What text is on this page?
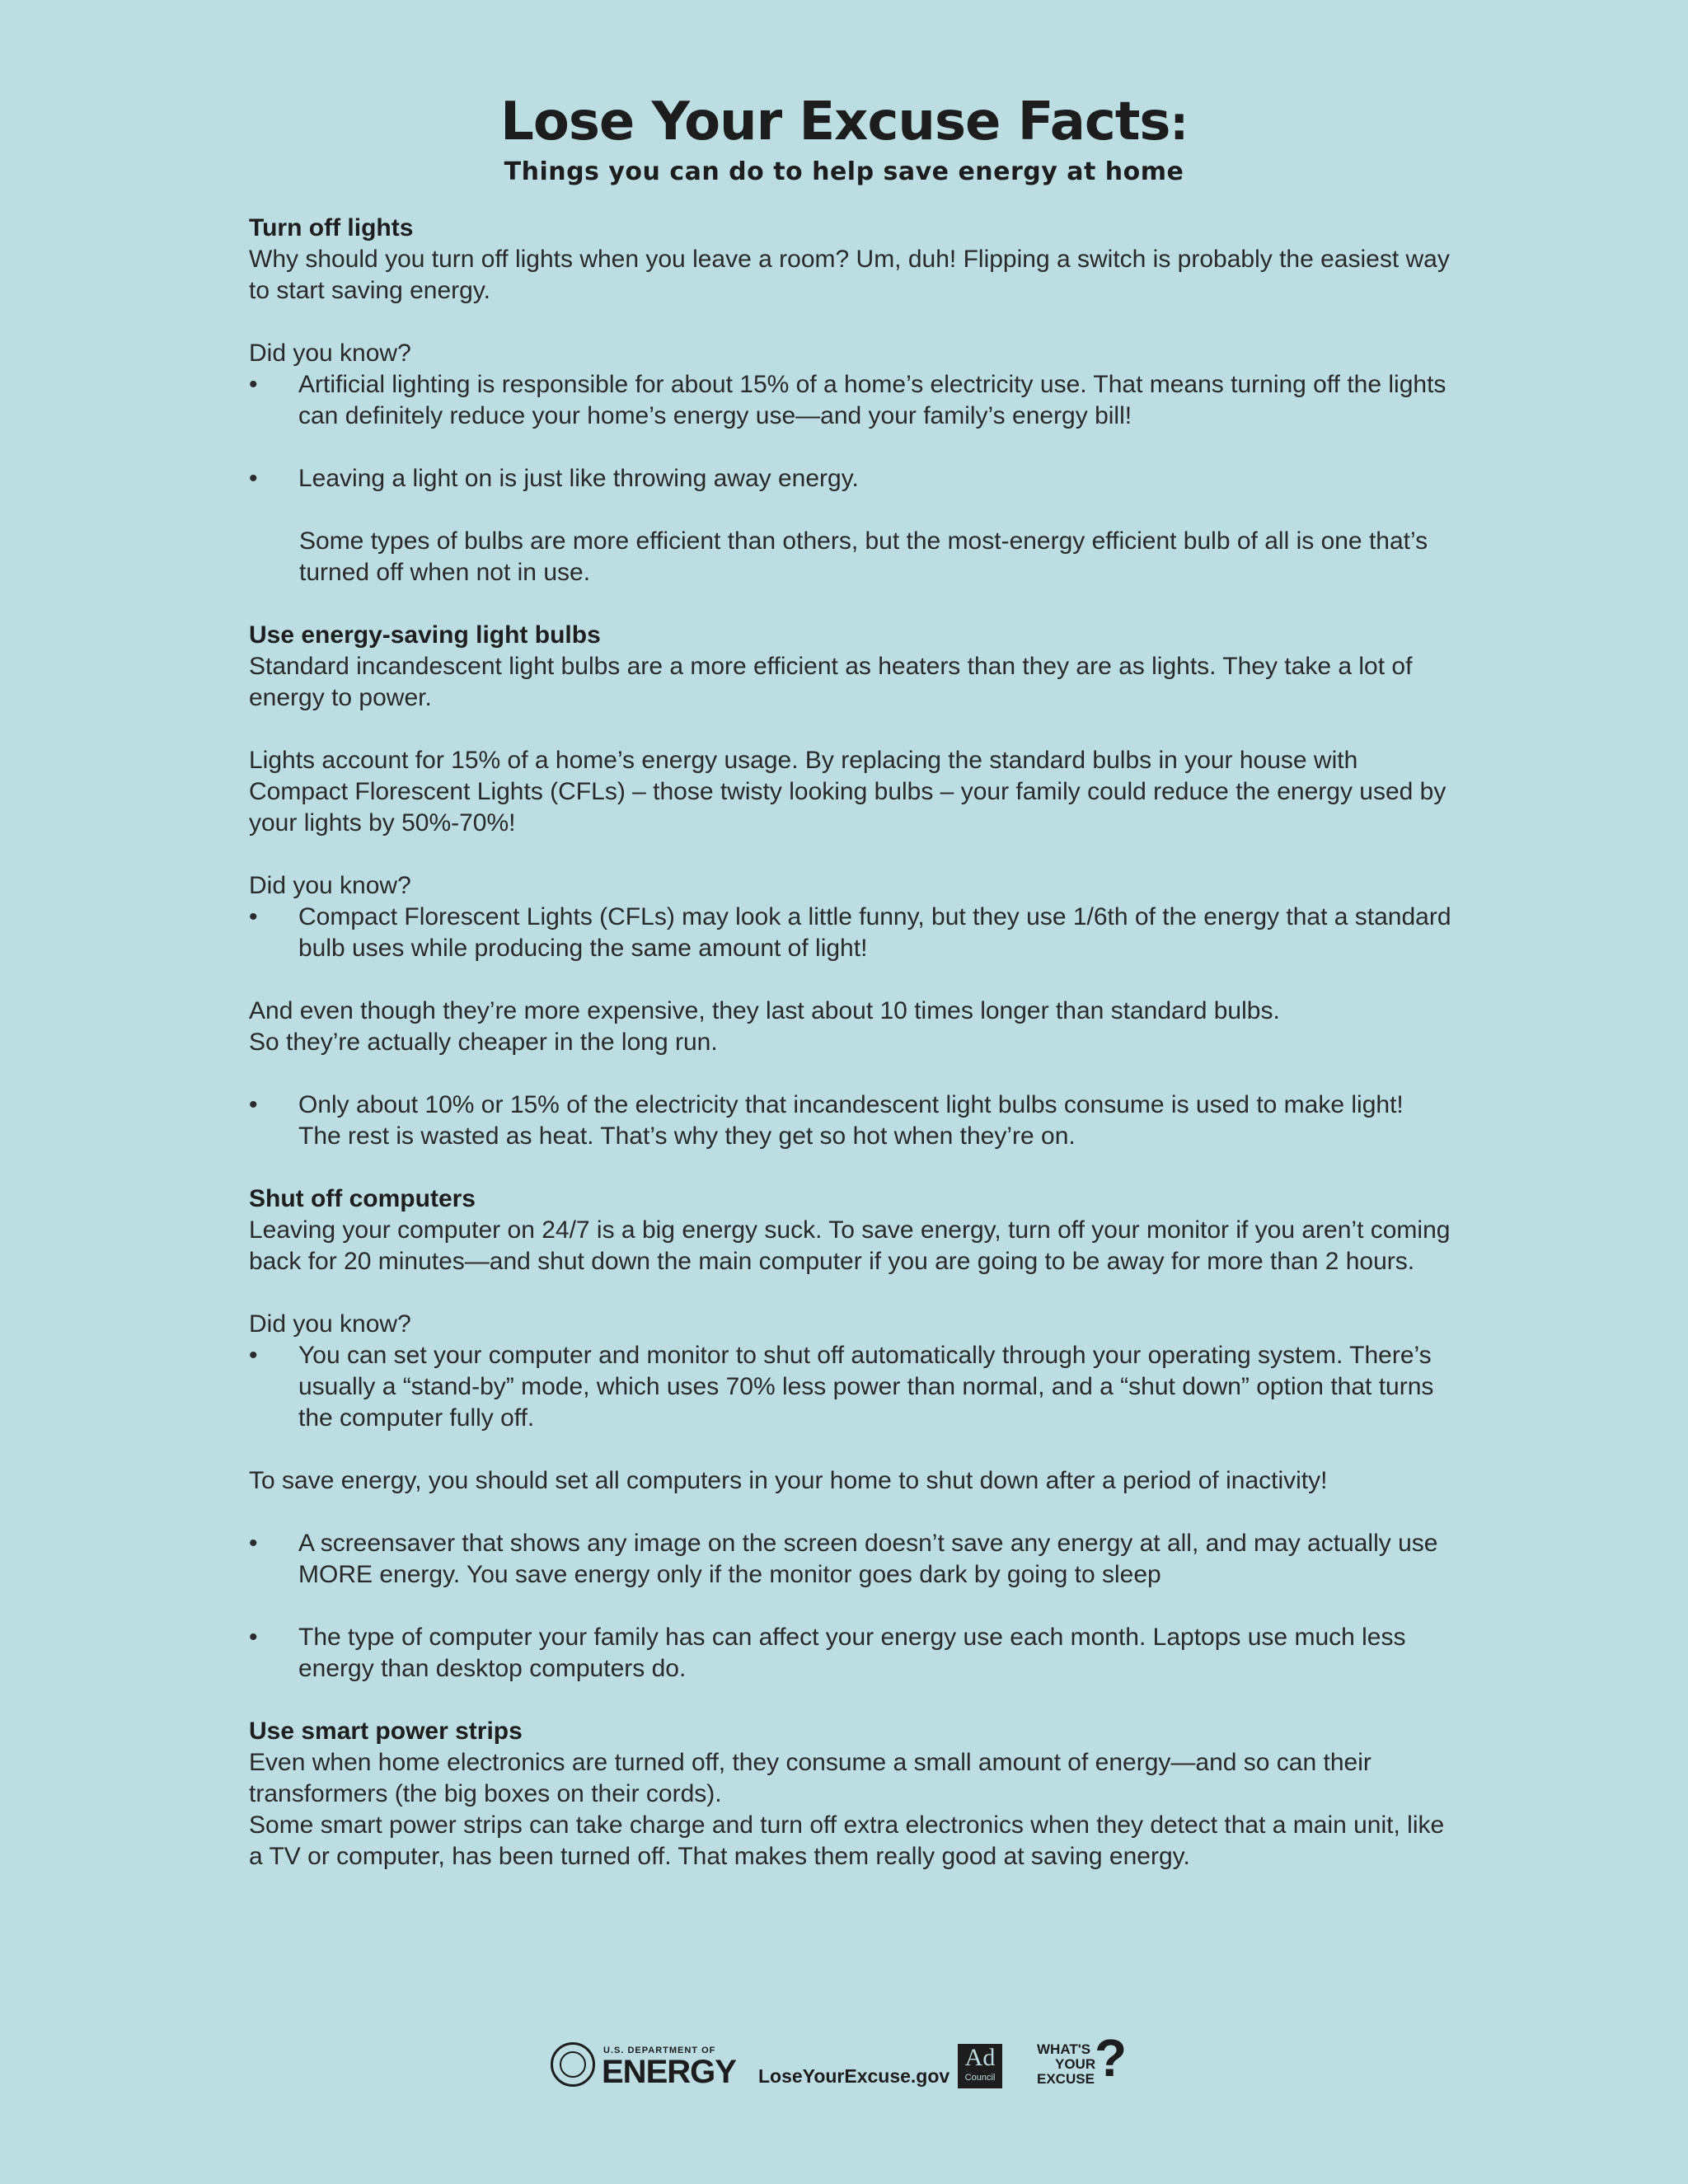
Lose Your Excuse Facts:

Things you can do to help save energy at home

Turn off lights

Why should you turn off lights when you leave a room? Um, duh! Flipping a switch is probably the easiest way to start saving energy.

Did you know?

•	Artificial lighting is responsible for about 15% of a home’s electricity use. That means turning off the lights can definitely reduce your home’s energy use—and your family’s energy bill!

•	Leaving a light on is just like throwing away energy.

Some types of bulbs are more efficient than others, but the most-energy efficient bulb of all is one that’s turned off when not in use.

Use energy-saving light bulbs

Standard incandescent light bulbs are a more efficient as heaters than they are as lights. They take a lot of energy to power.

Lights account for 15% of a home’s energy usage. By replacing the standard bulbs in your house with Compact Florescent Lights (CFLs) – those twisty looking bulbs – your family could reduce the energy used by your lights by 50%-70%!

Did you know?

•	Compact Florescent Lights (CFLs) may look a little funny, but they use 1/6th of the energy that a standard bulb uses while producing the same amount of light!

And even though they’re more expensive, they last about 10 times longer than standard bulbs.

So they’re actually cheaper in the long run.

•	Only about 10% or 15% of the electricity that incandescent light bulbs consume is used to make light! The rest is wasted as heat. That’s why they get so hot when they’re on.

Shut off computers

Leaving your computer on 24/7 is a big energy suck. To save energy, turn off your monitor if you aren’t coming back for 20 minutes—and shut down the main computer if you are going to be away for more than 2 hours.

Did you know?

•	You can set your computer and monitor to shut off automatically through your operating system. There’s usually a “stand-by” mode, which uses 70% less power than normal, and a “shut down” option that turns the computer fully off.

To save energy, you should set all computers in your home to shut down after a period of inactivity!

•	A screensaver that shows any image on the screen doesn’t save any energy at all, and may actually use MORE energy. You save energy only if the monitor goes dark by going to sleep

•	The type of computer your family has can affect your energy use each month. Laptops use much less energy than desktop computers do.

Use smart power strips

Even when home electronics are turned off, they consume a small amount of energy—and so can their transformers (the big boxes on their cords).

Some smart power strips can take charge and turn off extra electronics when they detect that a main unit, like a TV or computer, has been turned off. That makes them really good at saving energy.

U.S. DEPARTMENT OF
ENERGY LoseYourExcuse.gov
Ad
Council
WHAT'S
YOUR
EXCUSE ?
